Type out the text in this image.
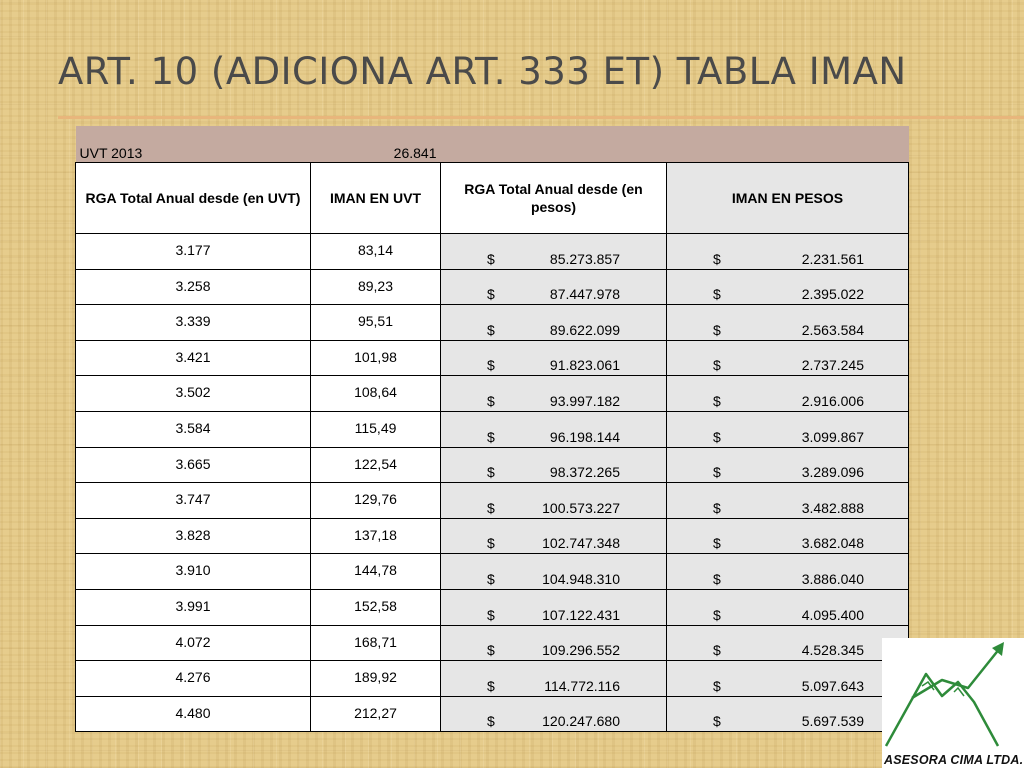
ART. 10 (ADICIONA ART. 333 ET) TABLA IMAN
UVT 2013 26.841			

RGA Total Anual desde (en UVT)	IMAN EN UVT	RGA Total Anual desde (en pesos)	IMAN EN PESOS
3.177	83,14	$ 85.273.857	$ 2.231.561

3.258	89,23	$ 87.447.978	$ 2.395.022

3.339	95,51	$ 89.622.099	$ 2.563.584

3.421	101,98	$ 91.823.061	$ 2.737.245

3.502	108,64	$ 93.997.182	$ 2.916.006

3.584	115,49	$ 96.198.144	$ 3.099.867

3.665	122,54	$ 98.372.265	$ 3.289.096

3.747	129,76	$ 100.573.227	$ 3.482.888

3.828	137,18	$ 102.747.348	$ 3.682.048

3.910	144,78	$ 104.948.310	$ 3.886.040

3.991	152,58	$ 107.122.431	$ 4.095.400

4.072	168,71	$ 109.296.552	$ 4.528.345

4.276	189,92	$ 114.772.116	$ 5.097.643

4.480	212,27	$ 120.247.680	$ 5.697.539
ASESORA CIMA LTDA.
